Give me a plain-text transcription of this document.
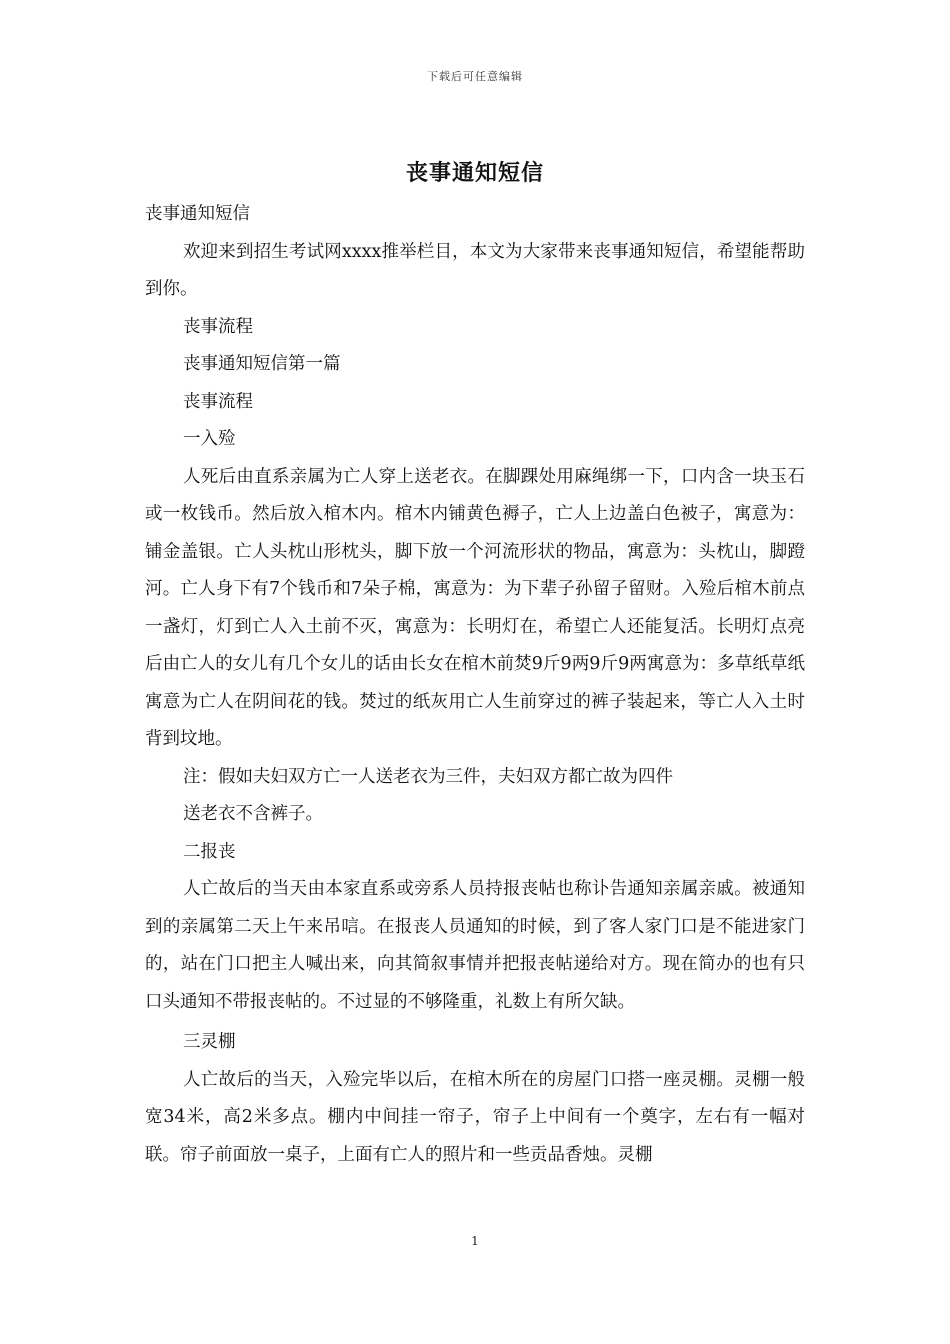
下载后可任意编辑
丧事通知短信

丧事通知短信

欢迎来到招生考试网xxxx推举栏目，本文为大家带来丧事通知短信，希望能帮助到你。

丧事流程

丧事通知短信第一篇

丧事流程

一入殓

人死后由直系亲属为亡人穿上送老衣。在脚踝处用麻绳绑一下，口内含一块玉石或一枚钱币。然后放入棺木内。棺木内铺黄色褥子，亡人上边盖白色被子，寓意为：铺金盖银。亡人头枕山形枕头，脚下放一个河流形状的物品，寓意为：头枕山，脚蹬河。亡人身下有7个钱币和7朵子棉，寓意为：为下辈子孙留子留财。入殓后棺木前点一盏灯，灯到亡人入土前不灭，寓意为：长明灯在，希望亡人还能复活。长明灯点亮后由亡人的女儿有几个女儿的话由长女在棺木前焚9斤9两9斤9两寓意为：多草纸草纸寓意为亡人在阴间花的钱。焚过的纸灰用亡人生前穿过的裤子装起来，等亡人入土时背到坟地。

注：假如夫妇双方亡一人送老衣为三件，夫妇双方都亡故为四件

送老衣不含裤子。

二报丧

人亡故后的当天由本家直系或旁系人员持报丧帖也称讣告通知亲属亲戚。被通知到的亲属第二天上午来吊唁。在报丧人员通知的时候，到了客人家门口是不能进家门的，站在门口把主人喊出来，向其简叙事情并把报丧帖递给对方。现在简办的也有只口头通知不带报丧帖的。不过显的不够隆重，礼数上有所欠缺。

三灵棚

人亡故后的当天，入殓完毕以后，在棺木所在的房屋门口搭一座灵棚。灵棚一般宽34米，高2米多点。棚内中间挂一帘子，帘子上中间有一个奠字，左右有一幅对联。帘子前面放一桌子，上面有亡人的照片和一些贡品香烛。灵棚

1
